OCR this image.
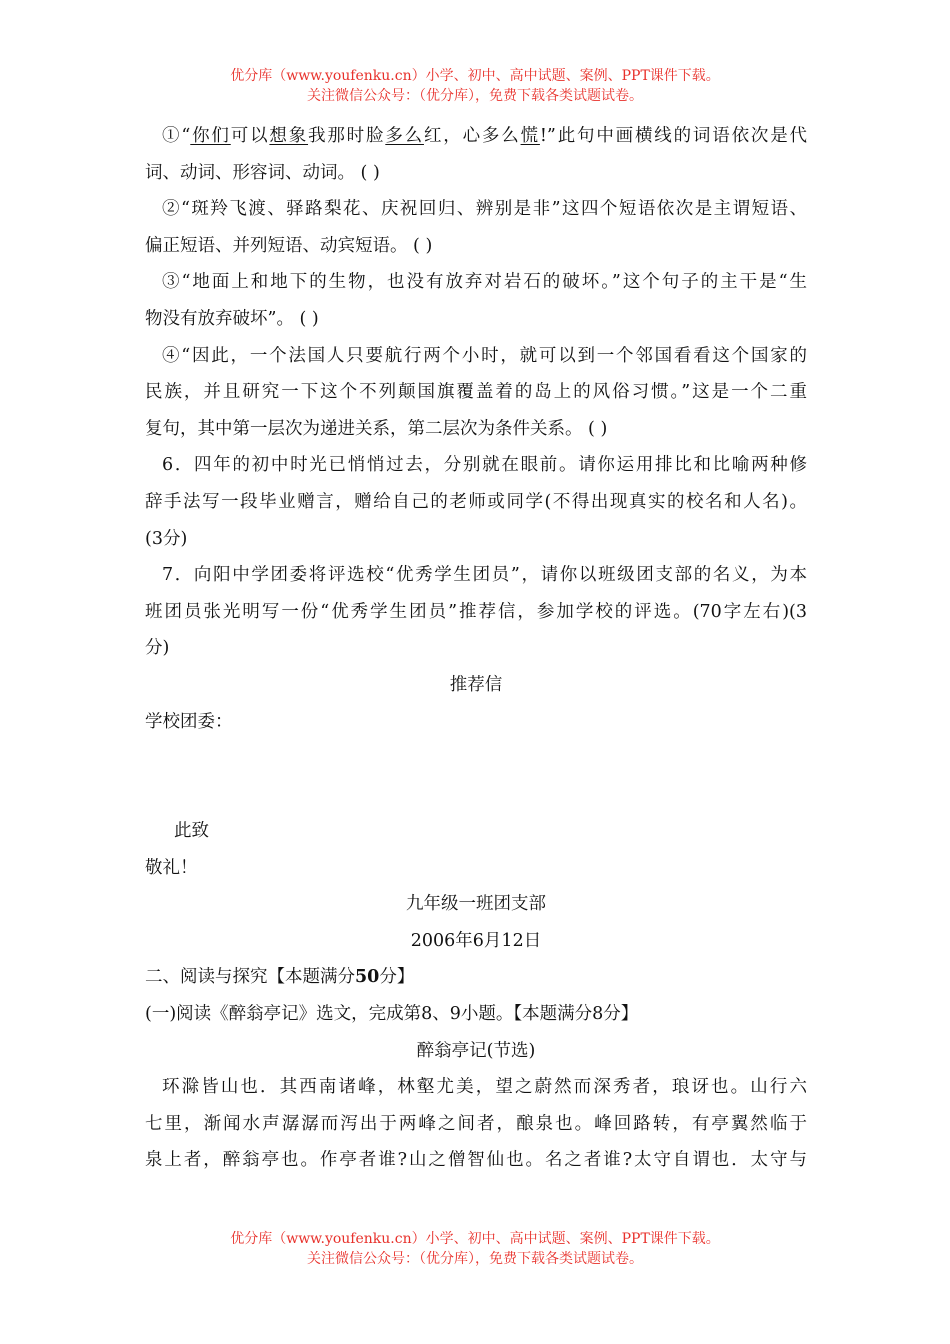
优分库（www.youfenku.cn）小学、初中、高中试题、案例、PPT课件下载。
关注微信公众号：（优分库），免费下载各类试题试卷。
①“你们可以想象我那时脸多么红，心多么慌!”此句中画横线的词语依次是代
词、动词、形容词、动词。 ( )
②“斑羚飞渡、驿路梨花、庆祝回归、辨别是非”这四个短语依次是主谓短语、
偏正短语、并列短语、动宾短语。 ( )
③“地面上和地下的生物，也没有放弃对岩石的破坏。”这个句子的主干是“生
物没有放弃破坏”。 ( )
④“因此，一个法国人只要航行两个小时，就可以到一个邻国看看这个国家的
民族，并且研究一下这个不列颠国旗覆盖着的岛上的风俗习惯。”这是一个二重
复句，其中第一层次为递进关系，第二层次为条件关系。 ( )
6．四年的初中时光已悄悄过去，分别就在眼前。请你运用排比和比喻两种修
辞手法写一段毕业赠言，赠给自己的老师或同学(不得出现真实的校名和人名)。
(3分)
7．向阳中学团委将评选校“优秀学生团员”，请你以班级团支部的名义，为本
班团员张光明写一份“优秀学生团员”推荐信，参加学校的评选。(70字左右)(3
分)
推荐信
学校团委：
此致
敬礼！
九年级一班团支部
2006年6月12日
二、阅读与探究【本题满分50分】
(一)阅读《醉翁亭记》选文，完成第8、9小题。【本题满分8分】
醉翁亭记(节选)
环滁皆山也．其西南诸峰，林壑尤美，望之蔚然而深秀者，琅讶也。山行六
七里，渐闻水声潺潺而泻出于两峰之间者，酿泉也。峰回路转，有亭翼然临于
泉上者，醉翁亭也。作亭者谁?山之僧智仙也。名之者谁?太守自谓也．太守与
优分库（www.youfenku.cn）小学、初中、高中试题、案例、PPT课件下载。
关注微信公众号：（优分库），免费下载各类试题试卷。
